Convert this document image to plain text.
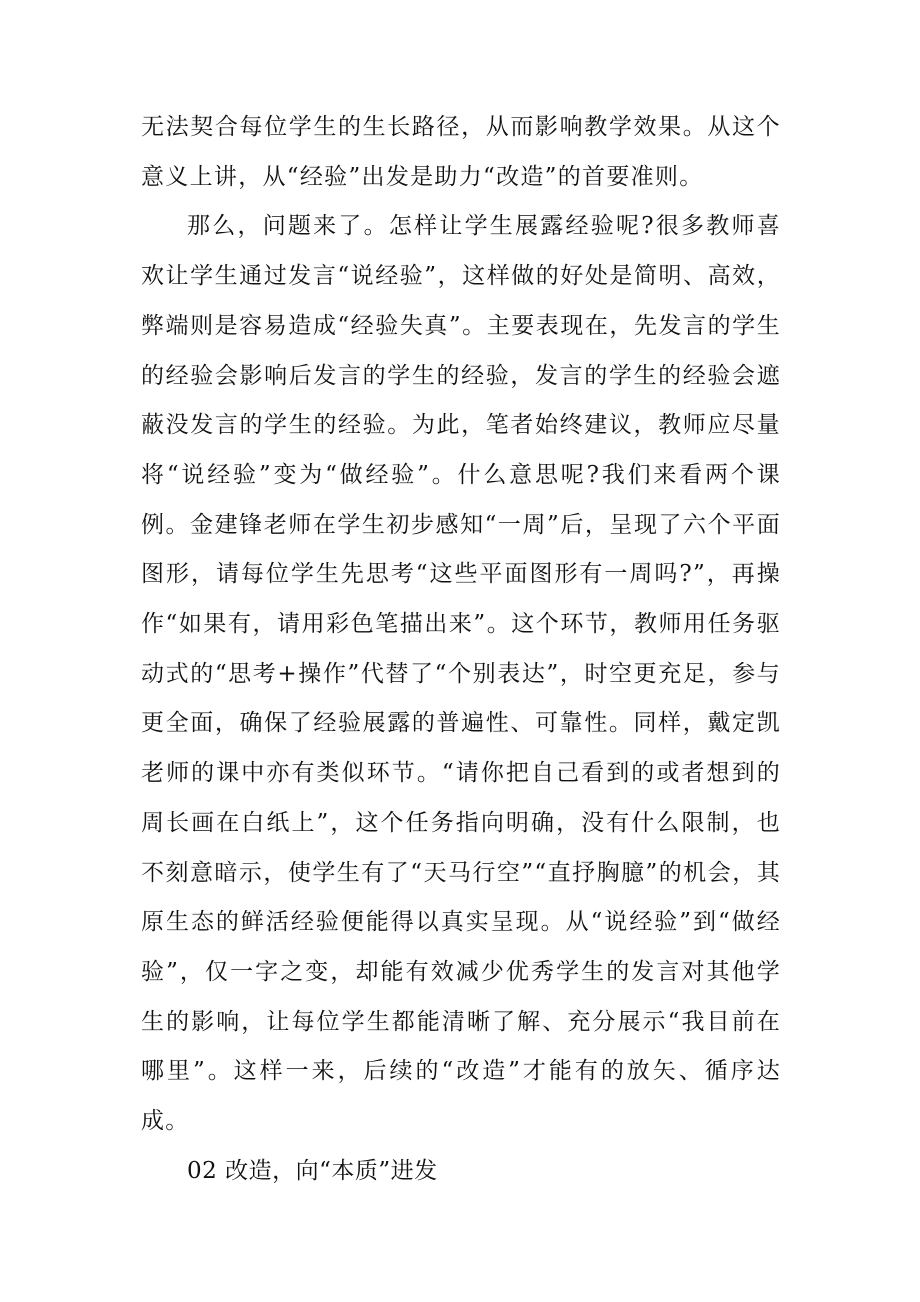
无法契合每位学生的生长路径，从而影响教学效果。从这个意义上讲，从“经验”出发是助力“改造”的首要准则。

那么，问题来了。怎样让学生展露经验呢?很多教师喜欢让学生通过发言“说经验”，这样做的好处是简明、高效，弊端则是容易造成“经验失真”。主要表现在，先发言的学生的经验会影响后发言的学生的经验，发言的学生的经验会遮蔽没发言的学生的经验。为此，笔者始终建议，教师应尽量将“说经验”变为“做经验”。什么意思呢?我们来看两个课例。金建锋老师在学生初步感知“一周”后，呈现了六个平面图形，请每位学生先思考“这些平面图形有一周吗?”，再操作“如果有，请用彩色笔描出来”。这个环节，教师用任务驱动式的“思考+操作”代替了“个别表达”，时空更充足，参与更全面，确保了经验展露的普遍性、可靠性。同样，戴定凯老师的课中亦有类似环节。“请你把自己看到的或者想到的周长画在白纸上”，这个任务指向明确，没有什么限制，也不刻意暗示，使学生有了“天马行空”“直抒胸臆”的机会，其原生态的鲜活经验便能得以真实呈现。从“说经验”到“做经验”，仅一字之变，却能有效减少优秀学生的发言对其他学生的影响，让每位学生都能清晰了解、充分展示“我目前在哪里”。这样一来，后续的“改造”才能有的放矢、循序达成。

02 改造，向“本质”进发
